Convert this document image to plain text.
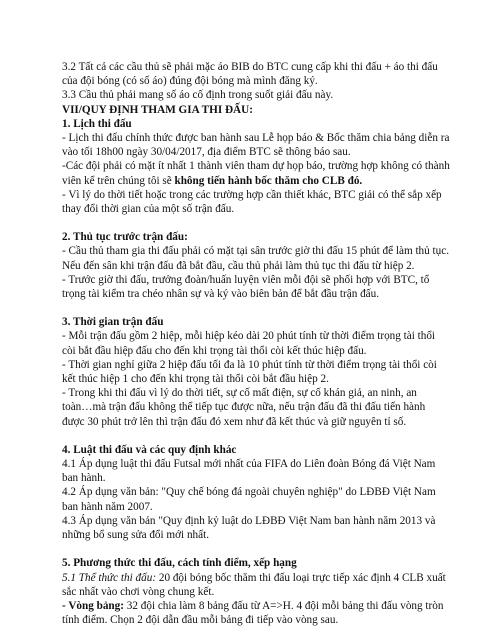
3.2 Tất cả các cầu thủ sẽ phải mặc áo BIB do BTC cung cấp khi thi đấu + áo thi đấu của đội bóng (có số áo) đúng đội bóng mà mình đăng ký.

3.3 Cầu thủ phải mang số áo cố định trong suốt giải đấu này.

VII/QUY ĐỊNH THAM GIA THI ĐẤU:

1. Lịch thi đấu

- Lịch thi đấu chính thức được ban hành sau Lễ họp báo & Bốc thăm chia bảng diễn ra vào tối 18h00 ngày 30/04/2017, địa điểm BTC sẽ thông báo sau.

-Các đội phải có mặt ít nhất 1 thành viên tham dự họp báo, trường hợp không có thành viên kể trên chúng tôi sẽ không tiến hành bốc thăm cho CLB đó.

- Vì lý do thời tiết hoặc trong các trường hợp cần thiết khác, BTC giải có thể sắp xếp thay đổi thời gian của một số trận đấu.

2. Thủ tục trước trận đấu:

- Cầu thủ tham gia thi đấu phải có mặt tại sân trước giờ thi đấu 15 phút để làm thủ tục. Nếu đến sân khi trận đấu đã bắt đầu, cầu thủ phải làm thủ tục thi đấu từ hiệp 2.

- Trước giờ thi đấu, trưởng đoàn/huấn luyện viên mỗi đội sẽ phối hợp với BTC, tổ trọng tài kiểm tra chéo nhân sự và ký vào biên bản để bắt đầu trận đấu.

3. Thời gian trận đấu

- Mỗi trận đấu gồm 2 hiệp, mỗi hiệp kéo dài 20 phút tính từ thời điểm trọng tài thổi còi bắt đầu hiệp đấu cho đến khi trọng tài thổi còi kết thúc hiệp đấu.

- Thời gian nghỉ giữa 2 hiệp đấu tối đa là 10 phút tính từ thời điểm trọng tài thổi còi kết thúc hiệp 1 cho đến khi trọng tài thổi còi bắt đầu hiệp 2.

- Trong khi thi đấu vì lý do thời tiết, sự cố mất điện, sự cố khán giả, an ninh, an toàn…mà trận đấu không thể tiếp tục được nữa, nếu trận đấu đã thi đấu tiến hành được 30 phút trở lên thì trận đấu đó xem như đã kết thúc và giữ nguyên tỉ số.

4. Luật thi đấu và các quy định khác

4.1 Áp dụng luật thi đấu Futsal mới nhất của FIFA do Liên đoàn Bóng đá Việt Nam ban hành.

4.2 Áp dụng văn bản: "Quy chế bóng đá ngoài chuyên nghiệp" do LĐBĐ Việt Nam ban hành năm 2007.

4.3 Áp dụng văn bản "Quy định kỷ luật do LĐBĐ Việt Nam ban hành năm 2013 và những bổ sung sửa đổi mới nhất.

5. Phương thức thi đấu, cách tính điểm, xếp hạng

5.1 Thể thức thi đấu: 20 đội bóng bốc thăm thi đấu loại trực tiếp xác định 4 CLB xuất sắc nhất vào chơi vòng chung kết.

- Vòng bảng: 32 đội chia làm 8 bảng đấu từ A=>H. 4 đội mỗi bảng thi đấu vòng tròn tính điểm. Chọn 2 đội dẫn đầu mỗi bảng đi tiếp vào vòng sau.
